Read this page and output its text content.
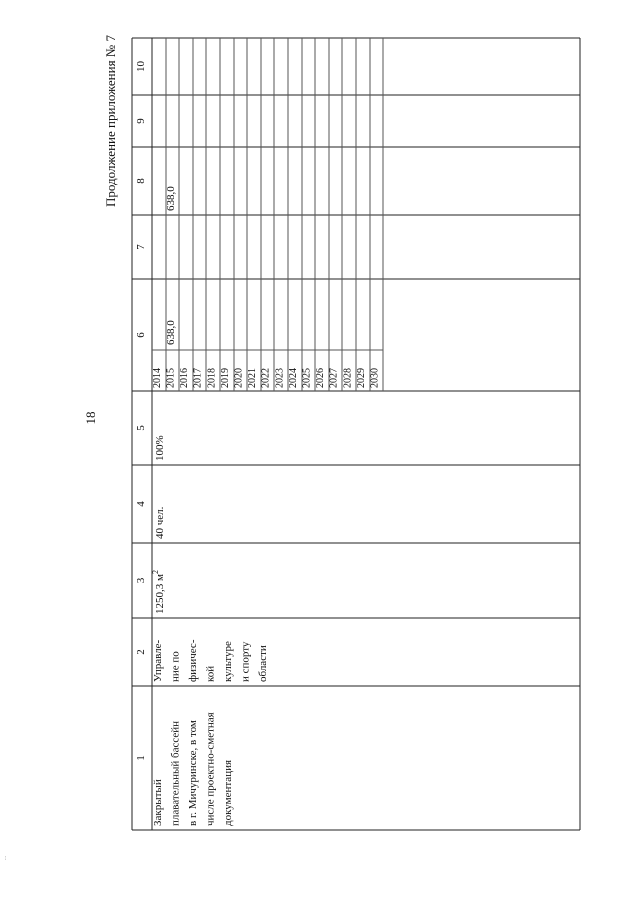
18
Продолжение приложения № 7
...
1
2
3
4
5
6
7
8
9
10
2014 2015 2016 2017 2018 2019 2020 2021 2022 2023 2024 2025 2026 2027 2028 2029 2030
Закрытый плавательный бассейн в г. Мичуринске, в том числе проектно-сметная документация
Управле- ние по физичес- кой культуре и спорту области
1250,3 $м^2$
40 чел.
100%
638,0
638,0
